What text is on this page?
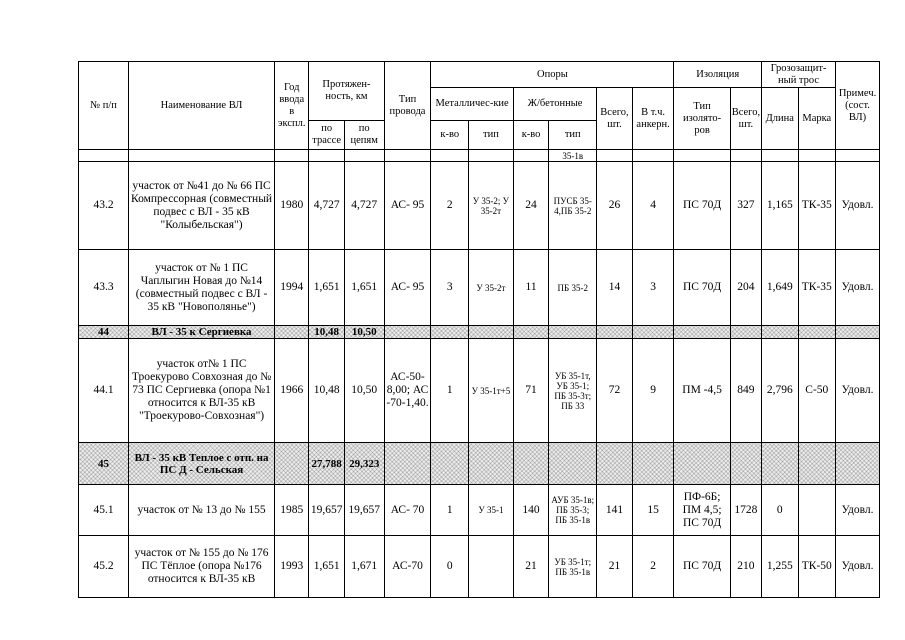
№ п/п	Наименование ВЛ	Год ввода в экспл.	Протяжен-ность, км		Тип провода	Опоры						Изоляция		Грозозащит-ный трос		Примеч. (сост. ВЛ)
						Металличес-кие		Ж/бетонные		Всего, шт.	В т.ч. анкерн.	Тип изолято-ров	Всего, шт.	Длина	Марка	
			по трассе	по цепям		к-во	тип	к-во	тип							
									35-1в							
43.2	участок от №41 до № 66 ПС Компрессорная (совместный подвес с ВЛ - 35 кВ "Колыбельская")	1980	4,727	4,727	АС- 95	2	У 35-2; У 35-2т	24	ПУСБ 35-4,ПБ 35-2	26	4	ПС 70Д	327	1,165	ТК-35	Удовл.
43.3	участок от № 1 ПС Чаплыгин Новая до №14 (совместный подвес с ВЛ - 35 кВ "Новополянье")	1994	1,651	1,651	АС- 95	3	У 35-2т	11	ПБ 35-2	14	3	ПС 70Д	204	1,649	ТК-35	Удовл.
44	ВЛ - 35 к Сергиевка		10,48	10,50												
44.1	участок от№ 1 ПС Троекурово Совхозная до № 73 ПС Сергиевка (опора №1 относится к ВЛ-35 кВ "Троекурово-Совхозная")	1966	10,48	10,50	АС-50-8,00; АС -70-1,40.	1	У 35-1т+5	71	УБ 35-1т, УБ 35-1; ПБ 35-3т; ПБ 33	72	9	ПМ -4,5	849	2,796	С-50	Удовл.
45	ВЛ - 35 кВ Теплое с отп. на ПС Д - Сельская		27,788	29,323												
45.1	участок от № 13 до № 155	1985	19,657	19,657	АС- 70	1	У 35-1	140	АУБ 35-1в; ПБ 35-3; ПБ 35-1в	141	15	ПФ-6Б; ПМ 4,5; ПС 70Д	1728	0		Удовл.
45.2	участок от № 155 до № 176 ПС Тёплое (опора №176 относится к ВЛ-35 кВ	1993	1,651	1,671	АС-70	0		21	УБ 35-1т; ПБ 35-1в	21	2	ПС 70Д	210	1,255	ТК-50	Удовл.
